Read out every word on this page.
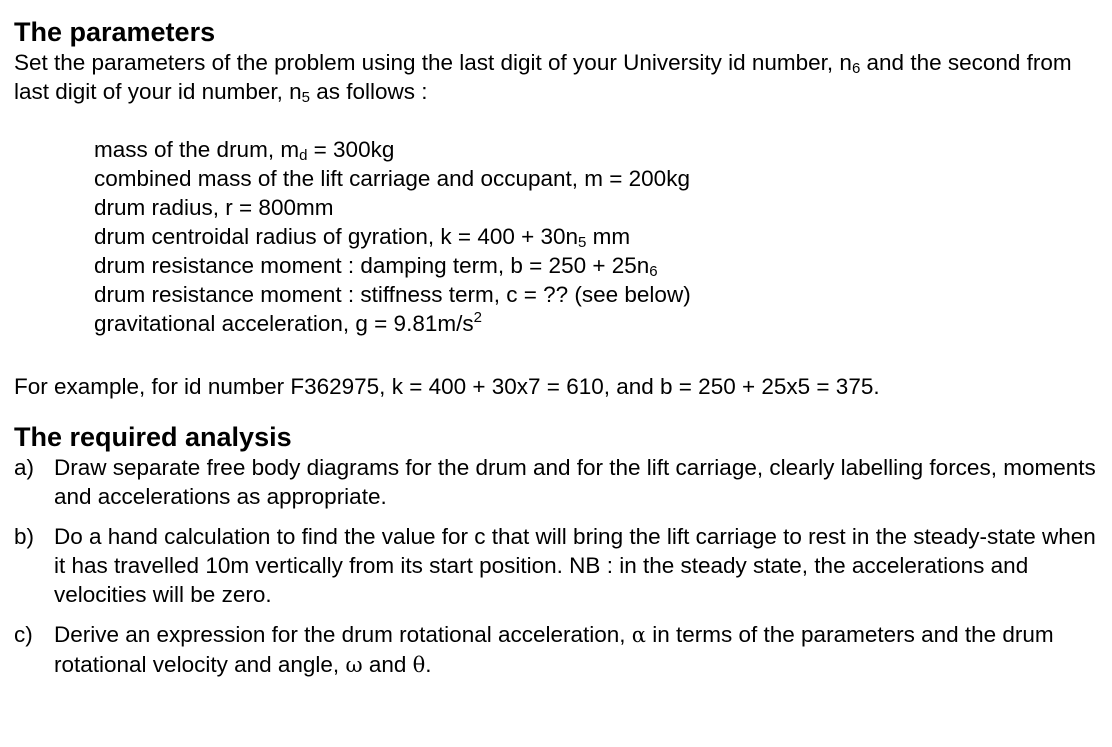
The parameters

Set the parameters of the problem using the last digit of your University id number, $n_6$ and the second from last digit of your id number, $n_5$ as follows :

mass of the drum, $m_d = 300kg$
combined mass of the lift carriage and occupant, m = 200kg
drum radius, r = 800mm
drum centroidal radius of gyration, $k = 400 + 30n_5$ mm
drum resistance moment : damping term, $b = 250 + 25n_6$
drum resistance moment : stiffness term, c = ?? (see below)
gravitational acceleration, $g = 9.81m/s^2$

For example, for id number F362975, k = 400 + 30x7 = 610, and b = 250 + 25x5 = 375.

The required analysis
a) Draw separate free body diagrams for the drum and for the lift carriage, clearly labelling forces, moments and accelerations as appropriate.
b) Do a hand calculation to find the value for c that will bring the lift carriage to rest in the steady-state when it has travelled 10m vertically from its start position. NB : in the steady state, the accelerations and velocities will be zero.
c) Derive an expression for the drum rotational acceleration, α in terms of the parameters and the drum rotational velocity and angle, ω and θ.
